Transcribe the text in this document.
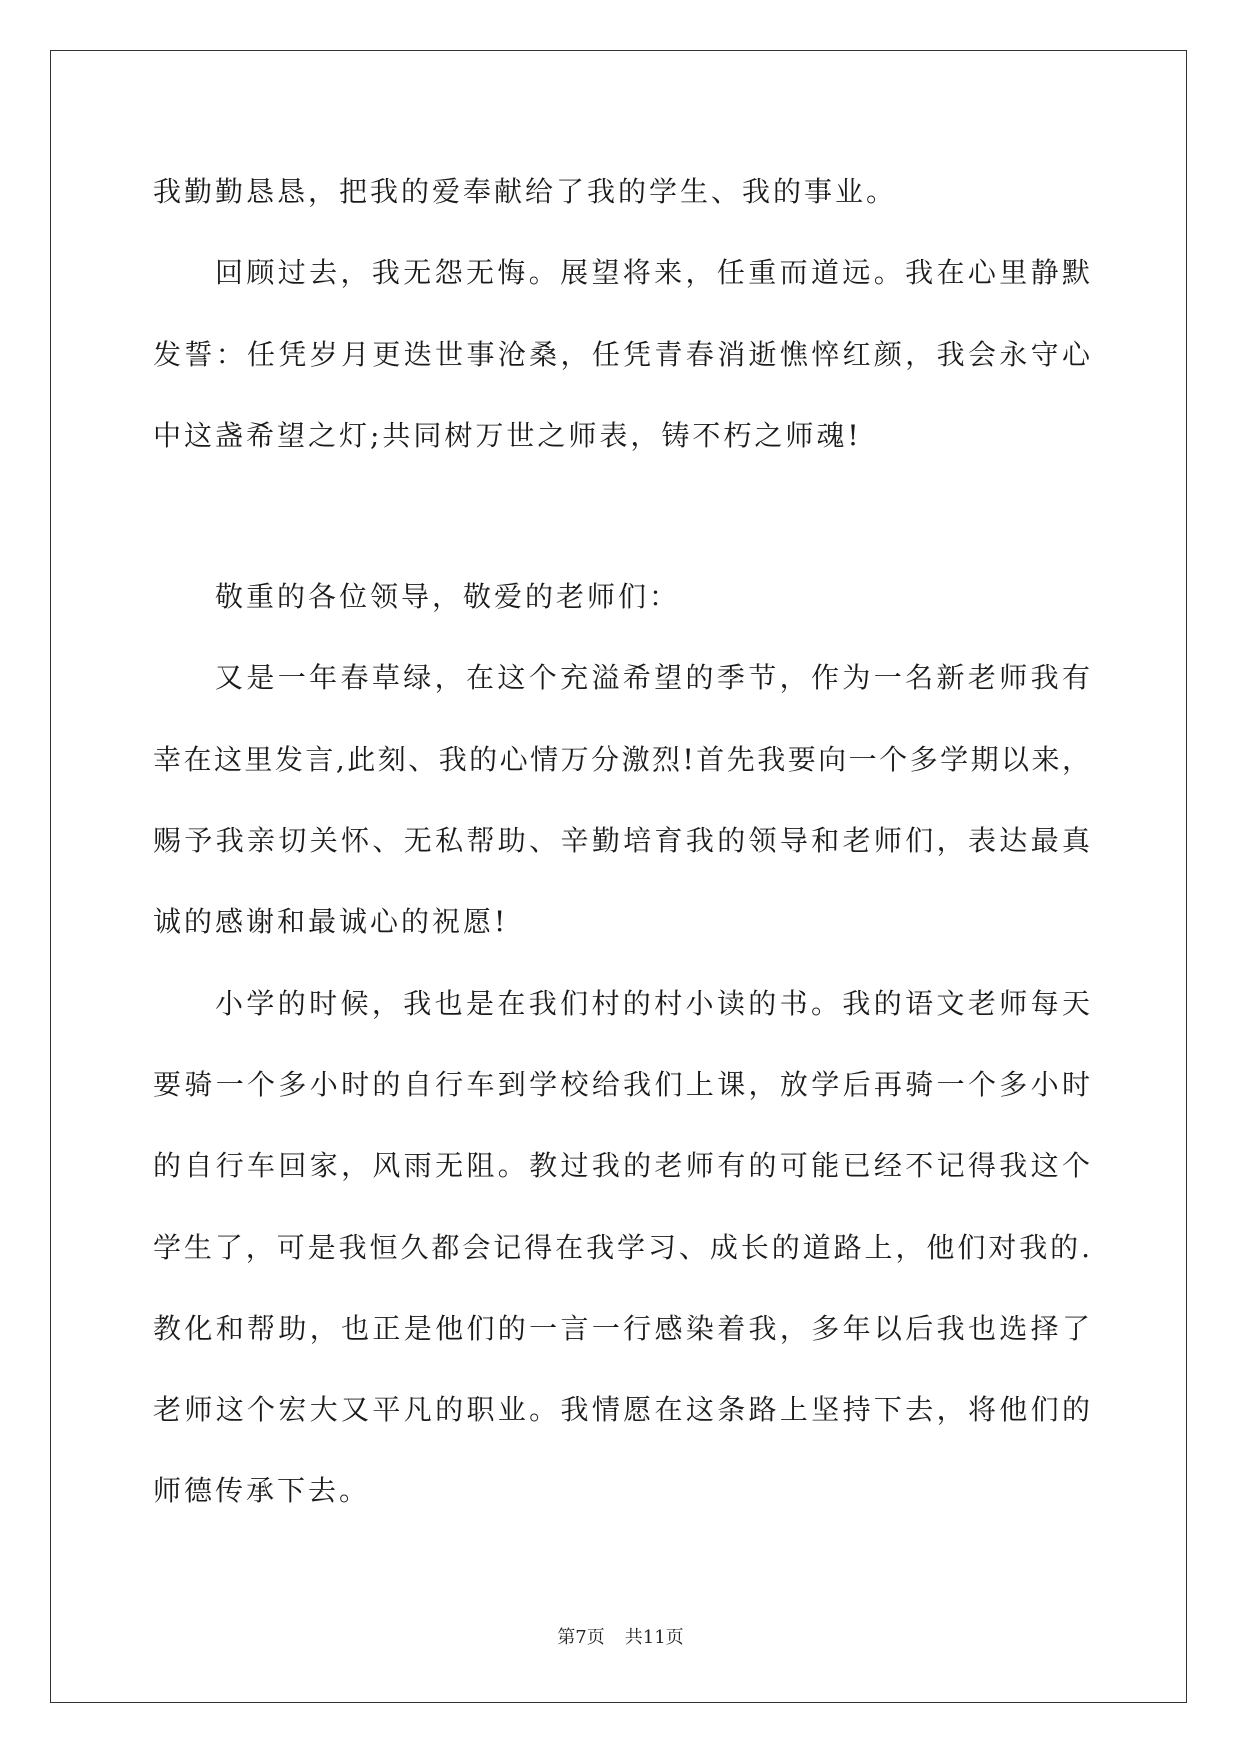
我勤勤恳恳，把我的爱奉献给了我的学生、我的事业。
回顾过去，我无怨无悔。展望将来，任重而道远。我在心里静默
发誓：任凭岁月更迭世事沧桑，任凭青春消逝憔悴红颜，我会永守心
中这盏希望之灯;共同树万世之师表，铸不朽之师魂!
敬重的各位领导，敬爱的老师们：
又是一年春草绿，在这个充溢希望的季节，作为一名新老师我有
幸在这里发言,此刻、我的心情万分激烈!首先我要向一个多学期以来，
赐予我亲切关怀、无私帮助、辛勤培育我的领导和老师们，表达最真
诚的感谢和最诚心的祝愿!
小学的时候，我也是在我们村的村小读的书。我的语文老师每天
要骑一个多小时的自行车到学校给我们上课，放学后再骑一个多小时
的自行车回家，风雨无阻。教过我的老师有的可能已经不记得我这个
学生了，可是我恒久都会记得在我学习、成长的道路上，他们对我的.
教化和帮助，也正是他们的一言一行感染着我，多年以后我也选择了
老师这个宏大又平凡的职业。我情愿在这条路上坚持下去，将他们的
师德传承下去。
第7页 共11页
